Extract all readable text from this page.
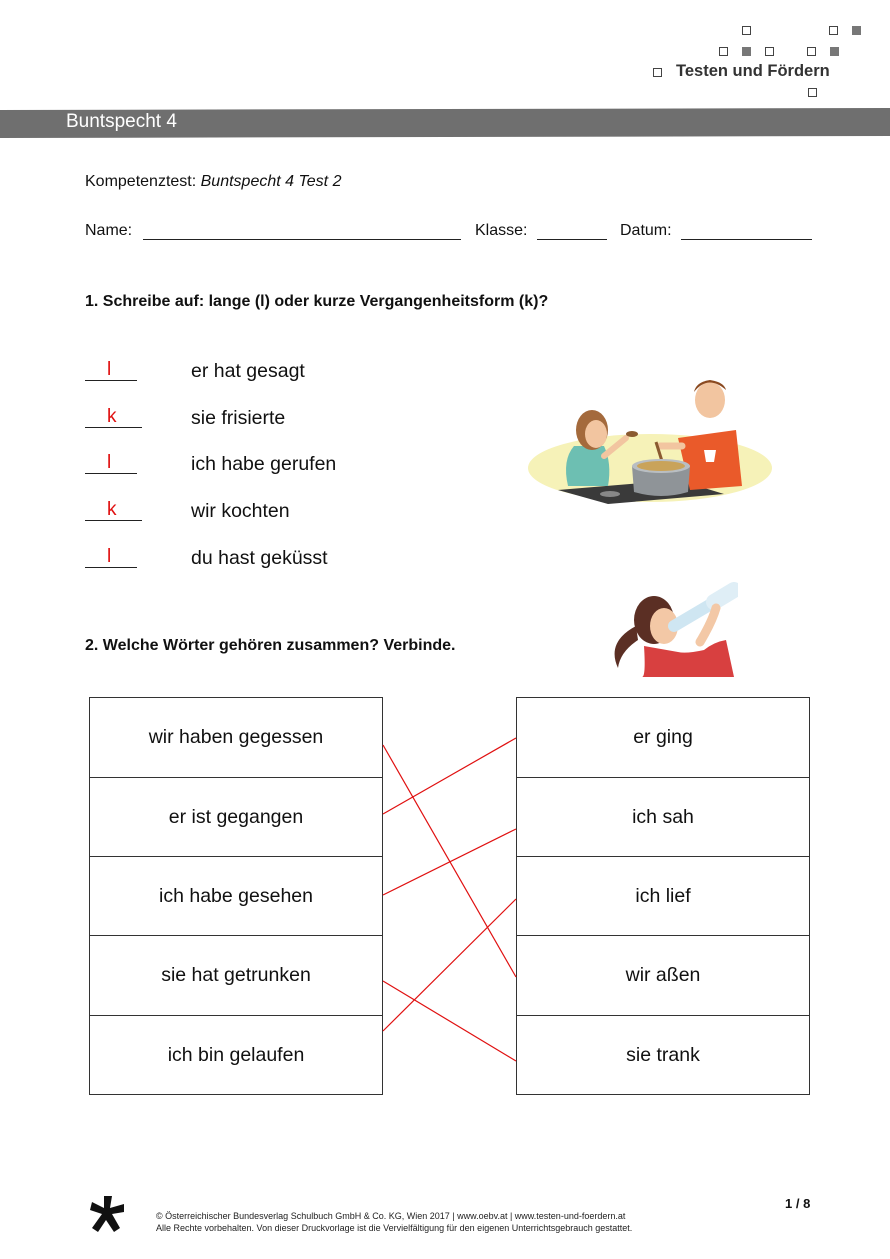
Testen und Fördern
Buntspecht 4
Kompetenztest: Buntspecht 4 Test 2
Name:	Klasse:	Datum:
1. Schreibe auf: lange (l) oder kurze Vergangenheitsform (k)?
l	er hat gesagt
k	sie frisierte
l	ich habe gerufen
k	wir kochten
l	du hast geküsst
2. Welche Wörter gehören zusammen? Verbinde.
wir haben gegessen
er ist gegangen
ich habe gesehen
sie hat getrunken
ich bin gelaufen
er ging
ich sah
ich lief
wir aßen
sie trank
© Österreichischer Bundesverlag Schulbuch GmbH & Co. KG, Wien 2017 | www.oebv.at | www.testen-und-foerdern.at
Alle Rechte vorbehalten. Von dieser Druckvorlage ist die Vervielfältigung für den eigenen Unterrichtsgebrauch gestattet.
1 / 8
